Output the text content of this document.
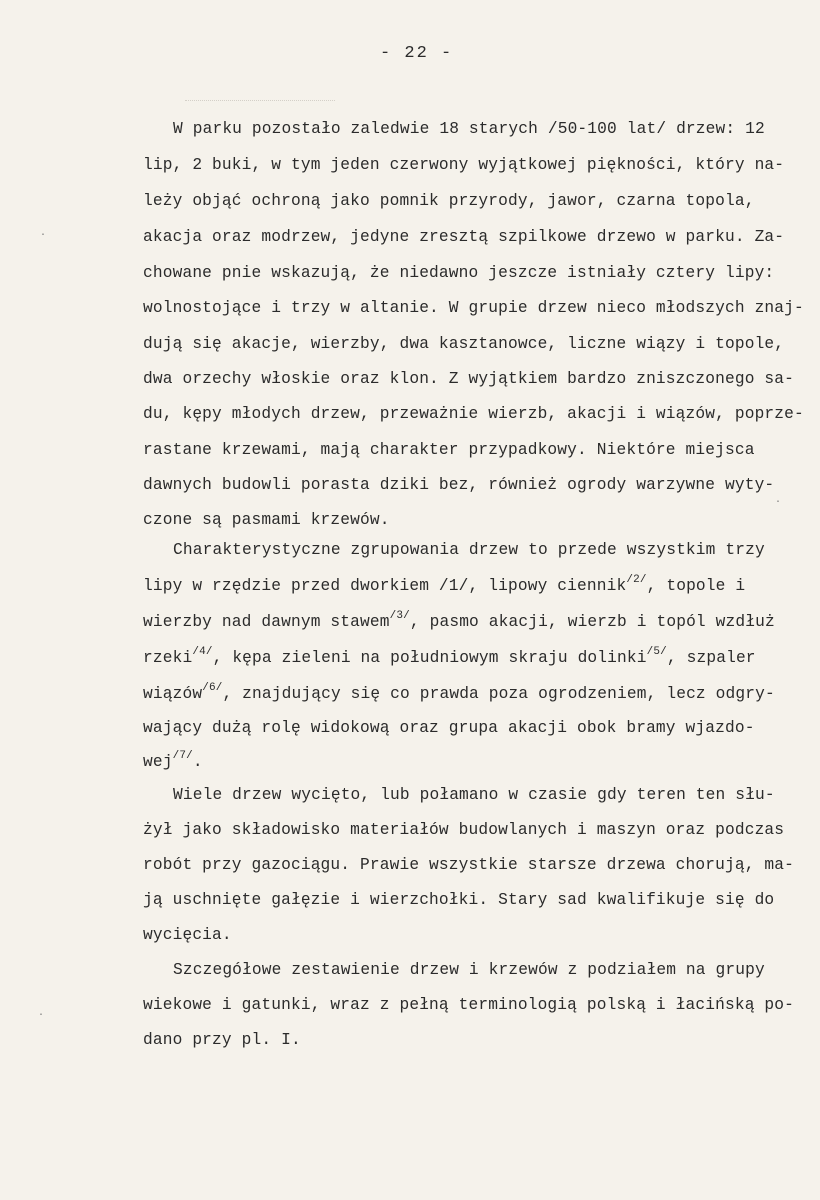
- 22 -
W parku pozostało zaledwie 18 starych /50-100 lat/ drzew: 12
lip, 2 buki, w tym jeden czerwony wyjątkowej piękności, który na-
leży objąć ochroną jako pomnik przyrody, jawor, czarna topola,
akacja oraz modrzew, jedyne zresztą szpilkowe drzewo w parku. Za-
chowane pnie wskazują, że niedawno jeszcze istniały cztery lipy:
wolnostojące i trzy w altanie. W grupie drzew nieco młodszych znaj-
dują się akacje, wierzby, dwa kasztanowce, liczne wiązy i topole,
dwa orzechy włoskie oraz klon. Z wyjątkiem bardzo zniszczonego sa-
du, kępy młodych drzew, przeważnie wierzb, akacji i wiązów, poprze-
rastane krzewami, mają charakter przypadkowy. Niektóre miejsca
dawnych budowli porasta dziki bez, również ogrody warzywne wyty-
czone są pasmami krzewów.
Charakterystyczne zgrupowania drzew to przede wszystkim trzy
lipy w rzędzie przed dworkiem /1/, lipowy ciennik$^{/2/}$, topole i
wierzby nad dawnym stawem$^{/3/}$, pasmo akacji, wierzb i topól wzdłuż
rzeki$^{/4/}$, kępa zieleni na południowym skraju dolinki$^{/5/}$, szpaler
wiązów$^{/6/}$, znajdujący się co prawda poza ogrodzeniem, lecz odgry-
wający dużą rolę widokową oraz grupa akacji obok bramy wjazdo-
wej$^{/7/}$.
Wiele drzew wycięto, lub połamano w czasie gdy teren ten słu-
żył jako składowisko materiałów budowlanych i maszyn oraz podczas
robót przy gazociągu. Prawie wszystkie starsze drzewa chorują, ma-
ją uschnięte gałęzie i wierzchołki. Stary sad kwalifikuje się do
wycięcia.
Szczegółowe zestawienie drzew i krzewów z podziałem na grupy
wiekowe i gatunki, wraz z pełną terminologią polską i łacińską po-
dano przy pl. I.
·
·
·
